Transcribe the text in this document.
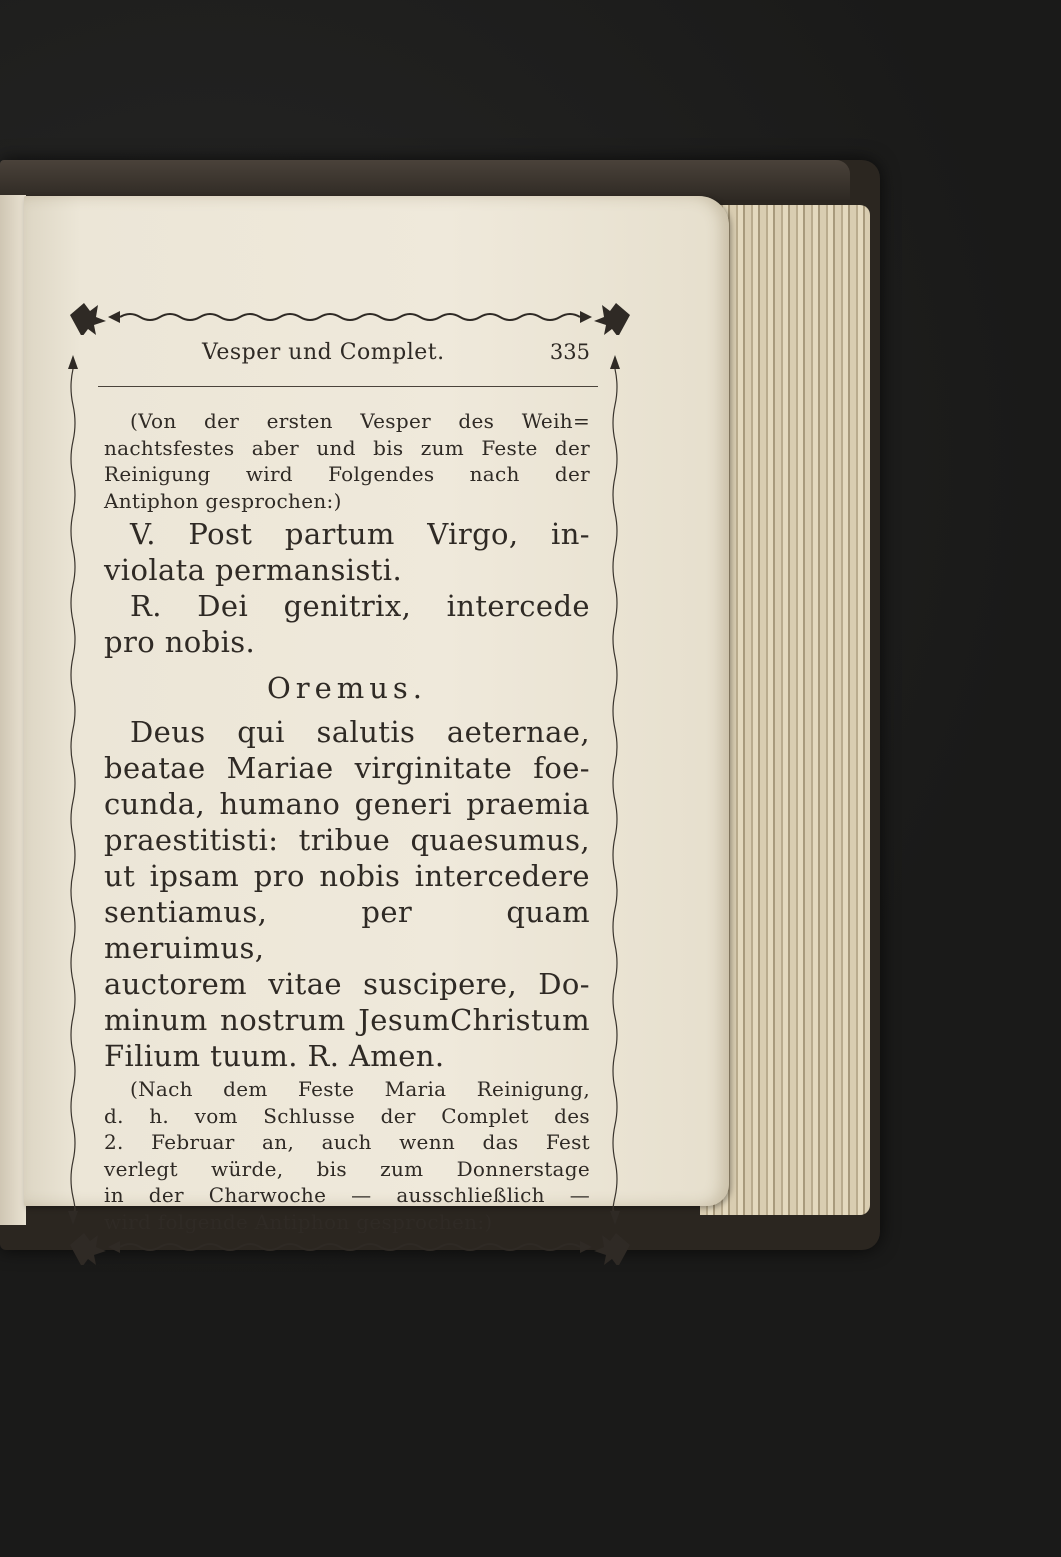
Vesper und Complet.	335
(Von der ersten Vesper des Weih=
nachtsfestes aber und bis zum Feste der
Reinigung wird Folgendes nach der
Antiphon gesprochen:)
V. Post partum Virgo, in-
violata permansisti.
R. Dei genitrix, intercede
pro nobis.
Oremus.
Deus qui salutis aeternae,
beatae Mariae virginitate foe-
cunda, humano generi praemia
praestitisti: tribue quaesumus,
ut ipsam pro nobis intercedere
sentiamus, per quam meruimus,
auctorem vitae suscipere, Do-
minum nostrum JesumChristum
Filium tuum. R. Amen.
(Nach dem Feste Maria Reinigung,
d. h. vom Schlusse der Complet des
2. Februar an, auch wenn das Fest
verlegt würde, bis zum Donnerstage
in der Charwoche — ausschließlich —
wird folgende Antiphon gesprochen:)
